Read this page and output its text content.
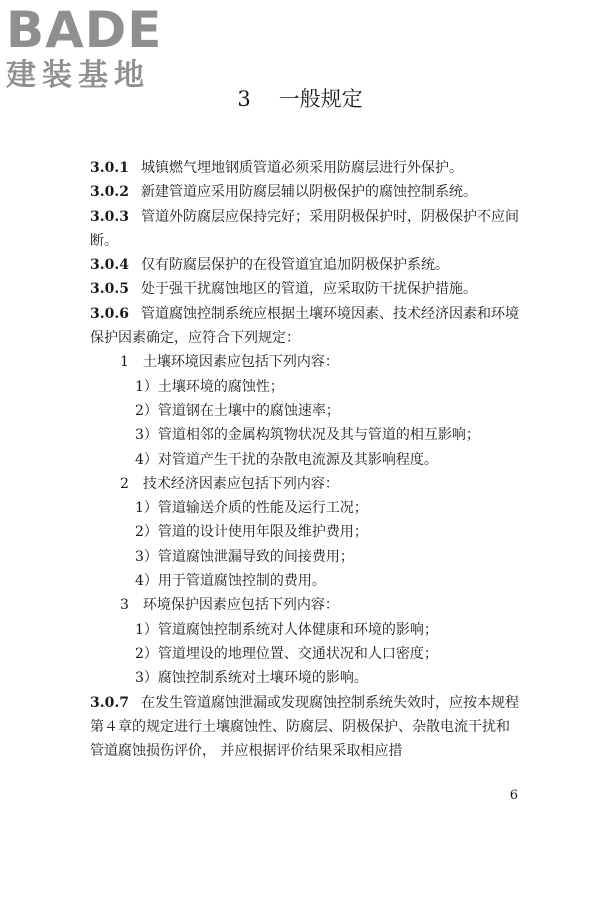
BADE
建装基地
3 一般规定

3.0.1 城镇燃气埋地钢质管道必须采用防腐层进行外保护。

3.0.2 新建管道应采用防腐层辅以阴极保护的腐蚀控制系统。

3.0.3 管道外防腐层应保持完好；采用阴极保护时，阴极保护不应间断。

3.0.4 仅有防腐层保护的在役管道宜追加阴极保护系统。

3.0.5 处于强干扰腐蚀地区的管道，应采取防干扰保护措施。

3.0.6 管道腐蚀控制系统应根据土壤环境因素、技术经济因素和环境保护因素确定，应符合下列规定：

1　土壤环境因素应包括下列内容：

1）土壤环境的腐蚀性；

2）管道钢在土壤中的腐蚀速率；

3）管道相邻的金属构筑物状况及其与管道的相互影响；

4）对管道产生干扰的杂散电流源及其影响程度。

2　技术经济因素应包括下列内容：

1）管道输送介质的性能及运行工况；

2）管道的设计使用年限及维护费用；

3）管道腐蚀泄漏导致的间接费用；

4）用于管道腐蚀控制的费用。

3　环境保护因素应包括下列内容：

1）管道腐蚀控制系统对人体健康和环境的影响；

2）管道埋设的地理位置、交通状况和人口密度；

3）腐蚀控制系统对土壤环境的影响。

3.0.7 在发生管道腐蚀泄漏或发现腐蚀控制系统失效时，应按本规程第４章的规定进行土壤腐蚀性、防腐层、阴极保护、杂散电流干扰和管道腐蚀损伤评价， 并应根据评价结果采取相应措

6
